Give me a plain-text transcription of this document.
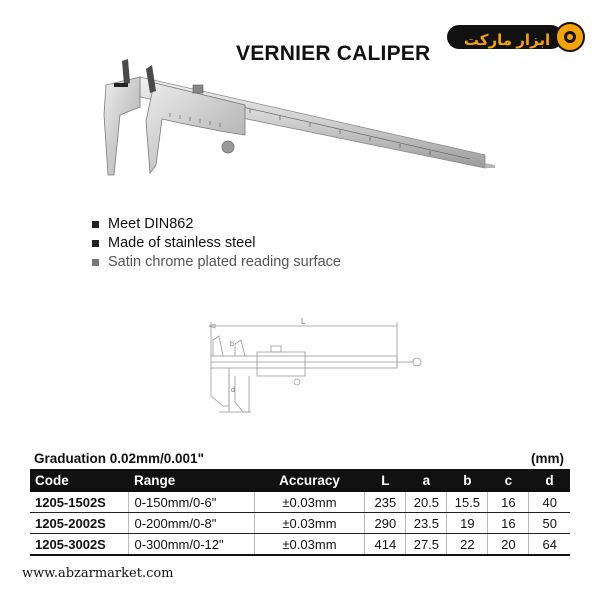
VERNIER CALIPER
ابزار مارکت
Meet DIN862
Made of stainless steel
Satin chrome plated reading surface
L
b
d
Graduation 0.02mm/0.001"	(mm)
Code	Range	Accuracy	L	a	b	c	d
1205-1502S	0-150mm/0-6"	±0.03mm	235	20.5	15.5	16	40
1205-2002S	0-200mm/0-8"	±0.03mm	290	23.5	19	16	50
1205-3002S	0-300mm/0-12"	±0.03mm	414	27.5	22	20	64
www.abzarmarket.com
